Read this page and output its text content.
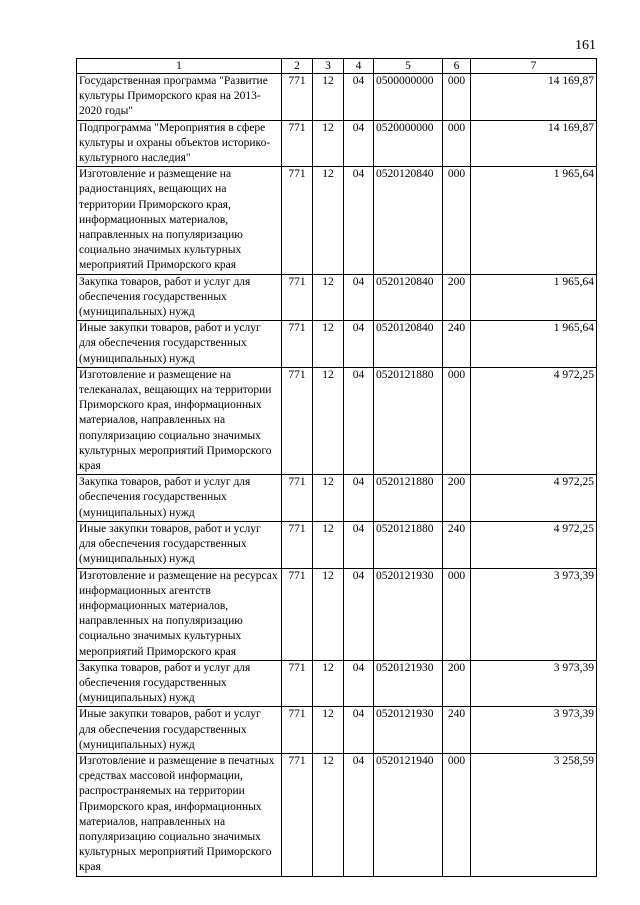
161
1	2	3	4	5	6	7
Государственная программа "Развитие культуры Приморского края на 2013-2020 годы"	771	12	04	0500000000	000	14 169,87
Подпрограмма "Мероприятия в сфере культуры и охраны объектов историко-культурного наследия"	771	12	04	0520000000	000	14 169,87
Изготовление и размещение на радиостанциях, вещающих на территории Приморского края, информационных материалов, направленных на популяризацию социально значимых культурных мероприятий Приморского края	771	12	04	0520120840	000	1 965,64
Закупка товаров, работ и услуг для обеспечения государственных (муниципальных) нужд	771	12	04	0520120840	200	1 965,64
Иные закупки товаров, работ и услуг для обеспечения государственных (муниципальных) нужд	771	12	04	0520120840	240	1 965,64
Изготовление и размещение на телеканалах, вещающих на территории Приморского края, информационных материалов, направленных на популяризацию социально значимых культурных мероприятий Приморского края	771	12	04	0520121880	000	4 972,25
Закупка товаров, работ и услуг для обеспечения государственных (муниципальных) нужд	771	12	04	0520121880	200	4 972,25
Иные закупки товаров, работ и услуг для обеспечения государственных (муниципальных) нужд	771	12	04	0520121880	240	4 972,25
Изготовление и размещение на ресурсах информационных агентств информационных материалов, направленных на популяризацию социально значимых культурных мероприятий Приморского края	771	12	04	0520121930	000	3 973,39
Закупка товаров, работ и услуг для обеспечения государственных (муниципальных) нужд	771	12	04	0520121930	200	3 973,39
Иные закупки товаров, работ и услуг для обеспечения государственных (муниципальных) нужд	771	12	04	0520121930	240	3 973,39
Изготовление и размещение в печатных средствах массовой информации, распространяемых на территории Приморского края, информационных материалов, направленных на популяризацию социально значимых культурных мероприятий Приморского края	771	12	04	0520121940	000	3 258,59
